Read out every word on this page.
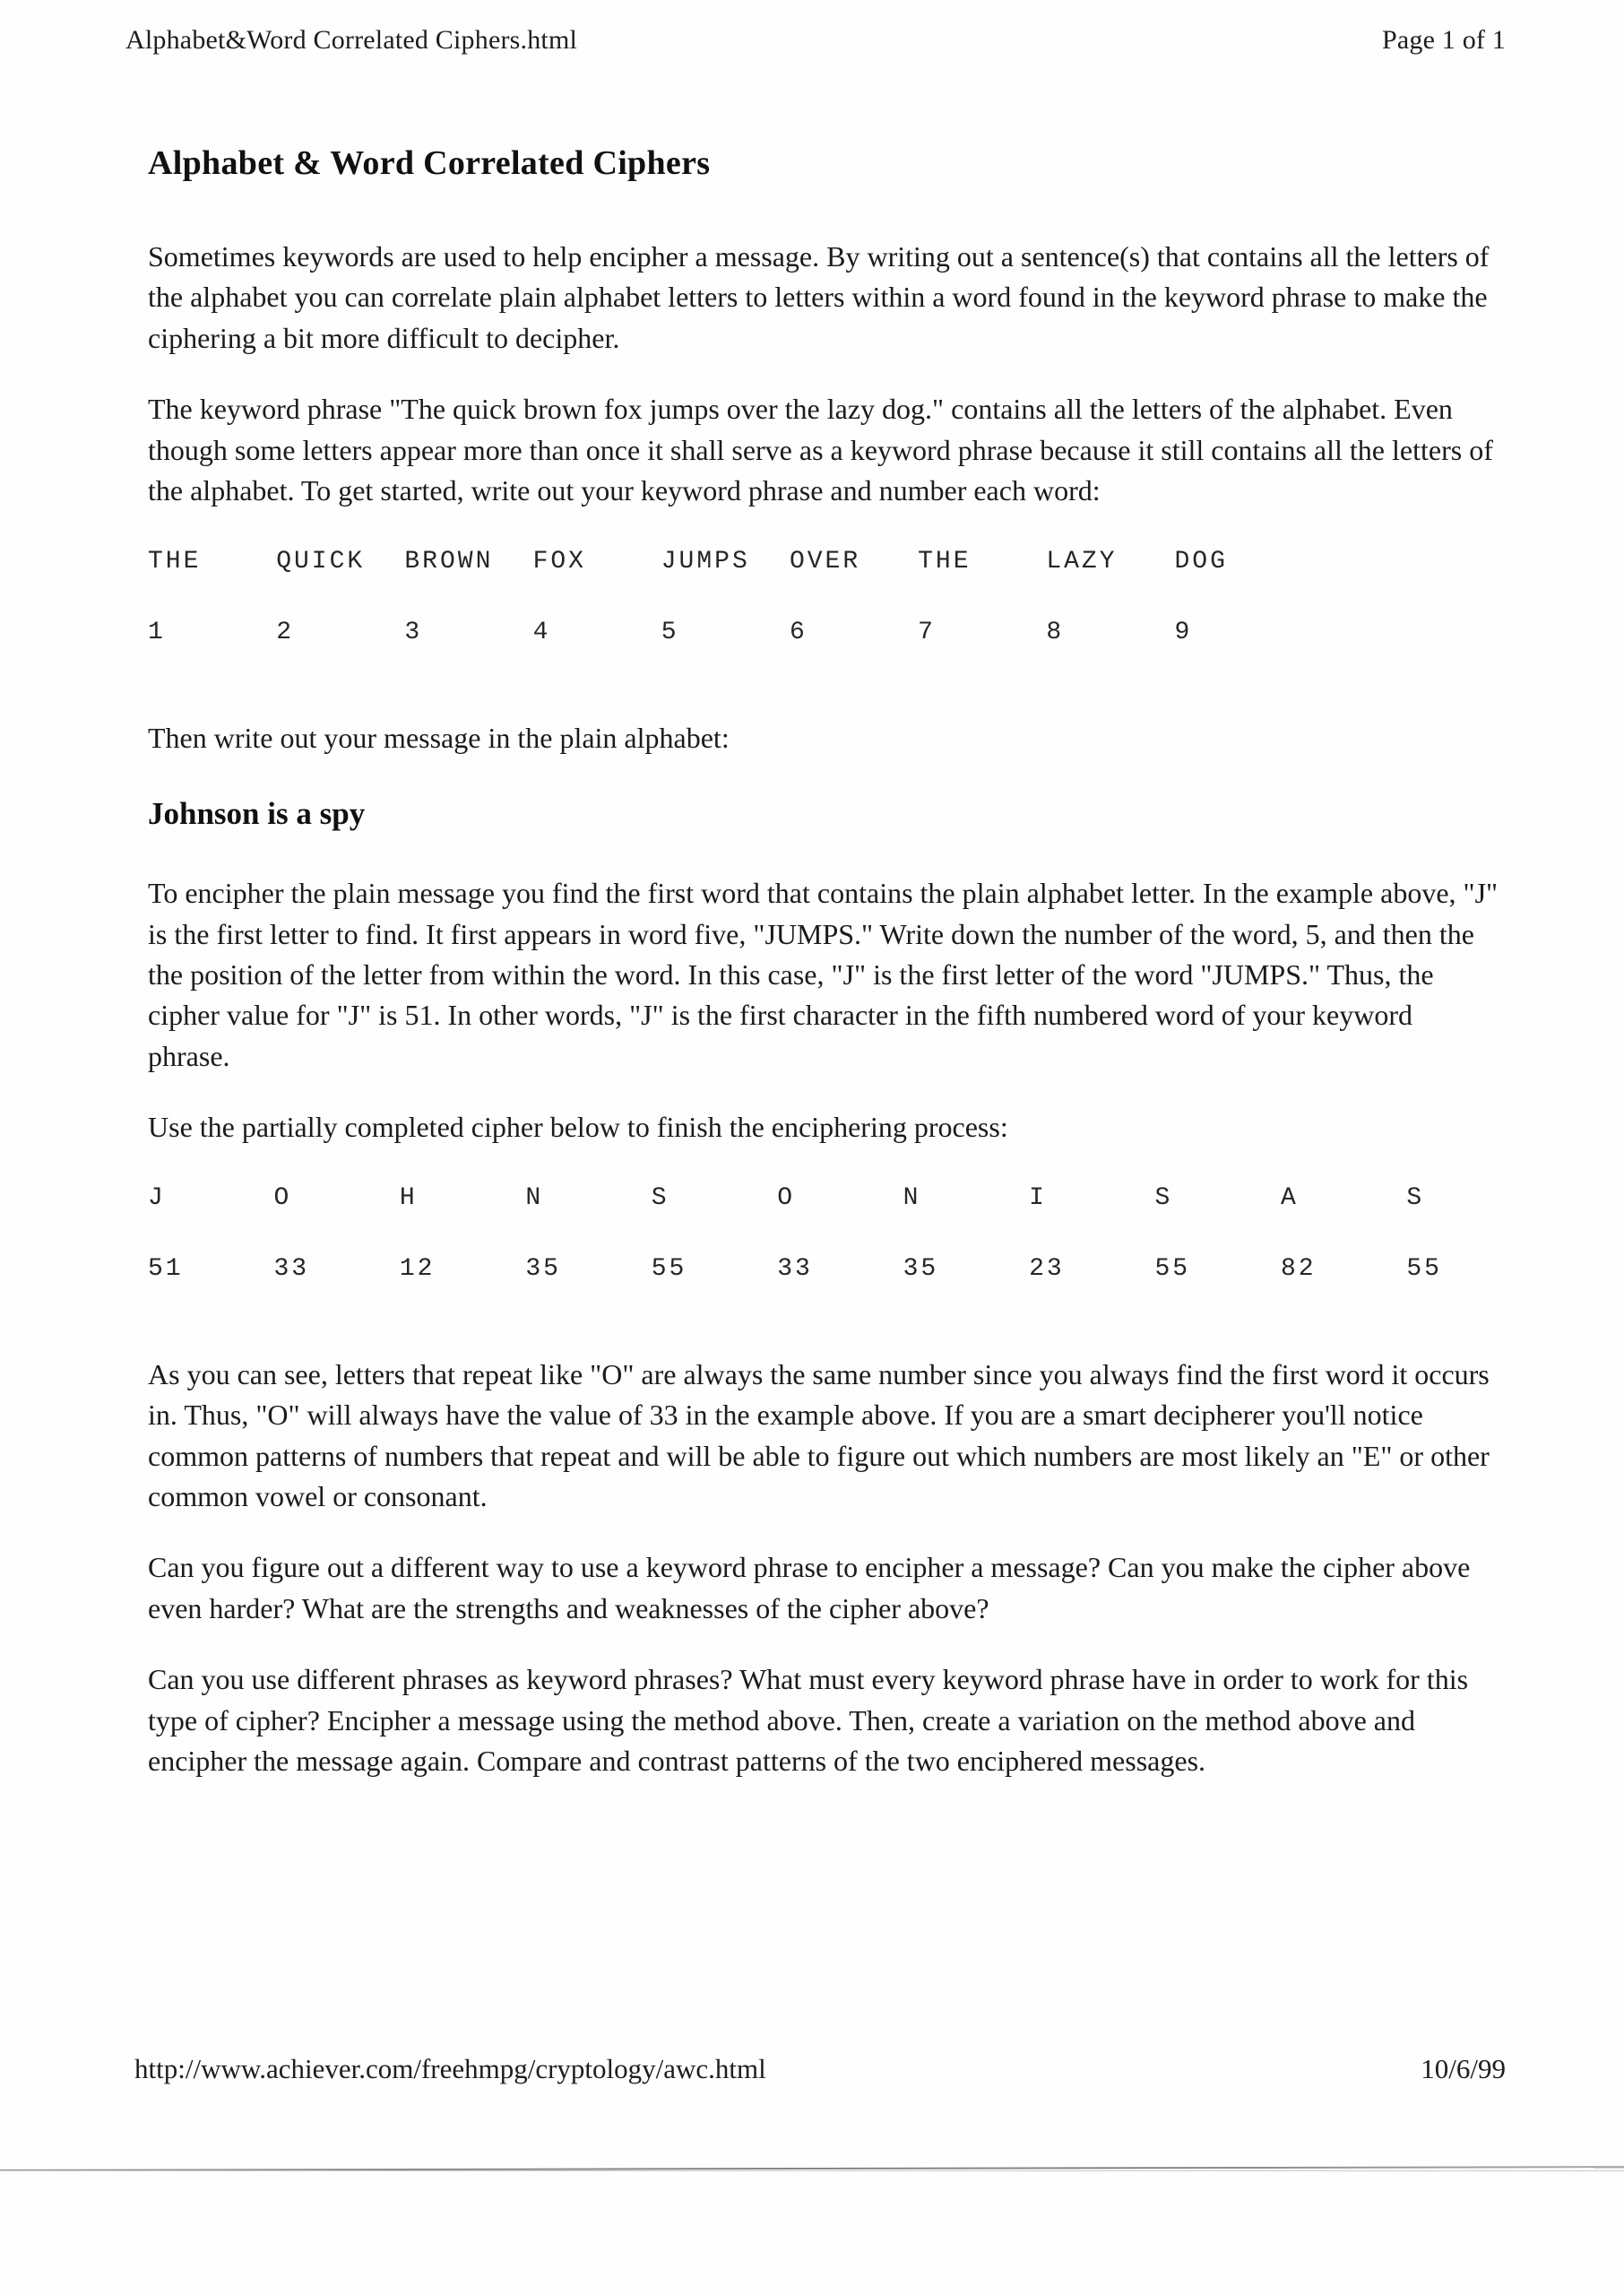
Alphabet&Word Correlated Ciphers.html	Page 1 of 1
Alphabet & Word Correlated Ciphers

Sometimes keywords are used to help encipher a message. By writing out a sentence(s) that contains all the letters of the alphabet you can correlate plain alphabet letters to letters within a word found in the keyword phrase to make the ciphering a bit more difficult to decipher.

The keyword phrase "The quick brown fox jumps over the lazy dog." contains all the letters of the alphabet. Even though some letters appear more than once it shall serve as a keyword phrase because it still contains all the letters of the alphabet. To get started, write out your keyword phrase and number each word:

THE	QUICK	BROWN	FOX	JUMPS	OVER	THE	LAZY	DOG
1	2	3	4	5	6	7	8	9

Then write out your message in the plain alphabet:

Johnson is a spy

To encipher the plain message you find the first word that contains the plain alphabet letter. In the example above, "J" is the first letter to find. It first appears in word five, "JUMPS." Write down the number of the word, 5, and then the the position of the letter from within the word. In this case, "J" is the first letter of the word "JUMPS." Thus, the cipher value for "J" is 51. In other words, "J" is the first character in the fifth numbered word of your keyword phrase.

Use the partially completed cipher below to finish the enciphering process:

J	O	H	N	S	O	N	I	S	A	S
51	33	12	35	55	33	35	23	55	82	55

As you can see, letters that repeat like "O" are always the same number since you always find the first word it occurs in. Thus, "O" will always have the value of 33 in the example above. If you are a smart decipherer you'll notice common patterns of numbers that repeat and will be able to figure out which numbers are most likely an "E" or other common vowel or consonant.

Can you figure out a different way to use a keyword phrase to encipher a message? Can you make the cipher above even harder? What are the strengths and weaknesses of the cipher above?

Can you use different phrases as keyword phrases? What must every keyword phrase have in order to work for this type of cipher? Encipher a message using the method above. Then, create a variation on the method above and encipher the message again. Compare and contrast patterns of the two enciphered messages.

http://www.achiever.com/freehmpg/cryptology/awc.html	10/6/99
